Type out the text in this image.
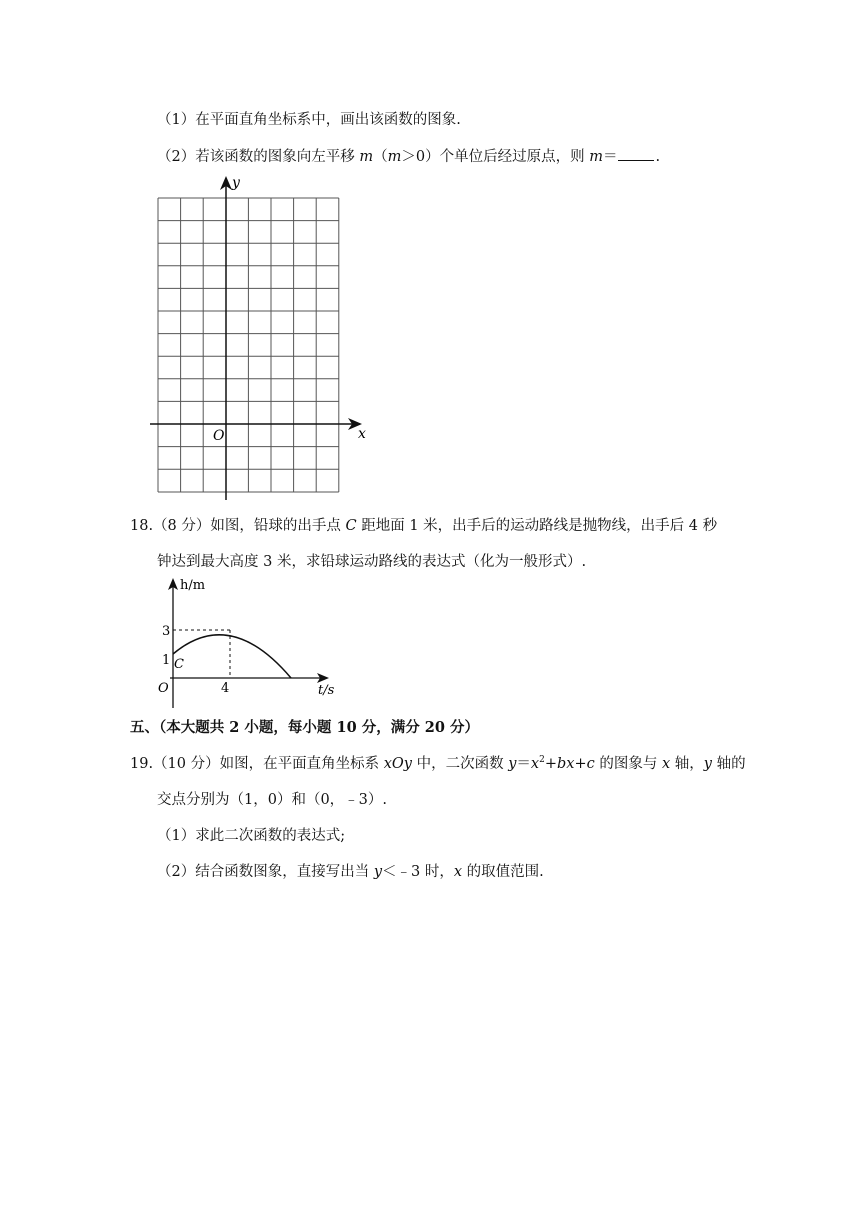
（1）在平面直角坐标系中，画出该函数的图象.
（2）若该函数的图象向左平移 m（m＞0）个单位后经过原点，则 m＝	.
x
y
O
18.（8 分）如图，铅球的出手点 C 距地面 1 米，出手后的运动路线是抛物线，出手后 4 秒
钟达到最大高度 3 米，求铅球运动路线的表达式（化为一般形式）.
h/m
t/s
O
C
1
3
4
五、（本大题共 2 小题，每小题 10 分，满分 20 分）
19.（10 分）如图，在平面直角坐标系 xOy 中，二次函数 $y=x^2+bx+c$ 的图象与 x 轴，y 轴的
交点分别为（1，0）和（0，﹣3）.
（1）求此二次函数的表达式;
（2）结合函数图象，直接写出当 y＜﹣3 时，x 的取值范围.
